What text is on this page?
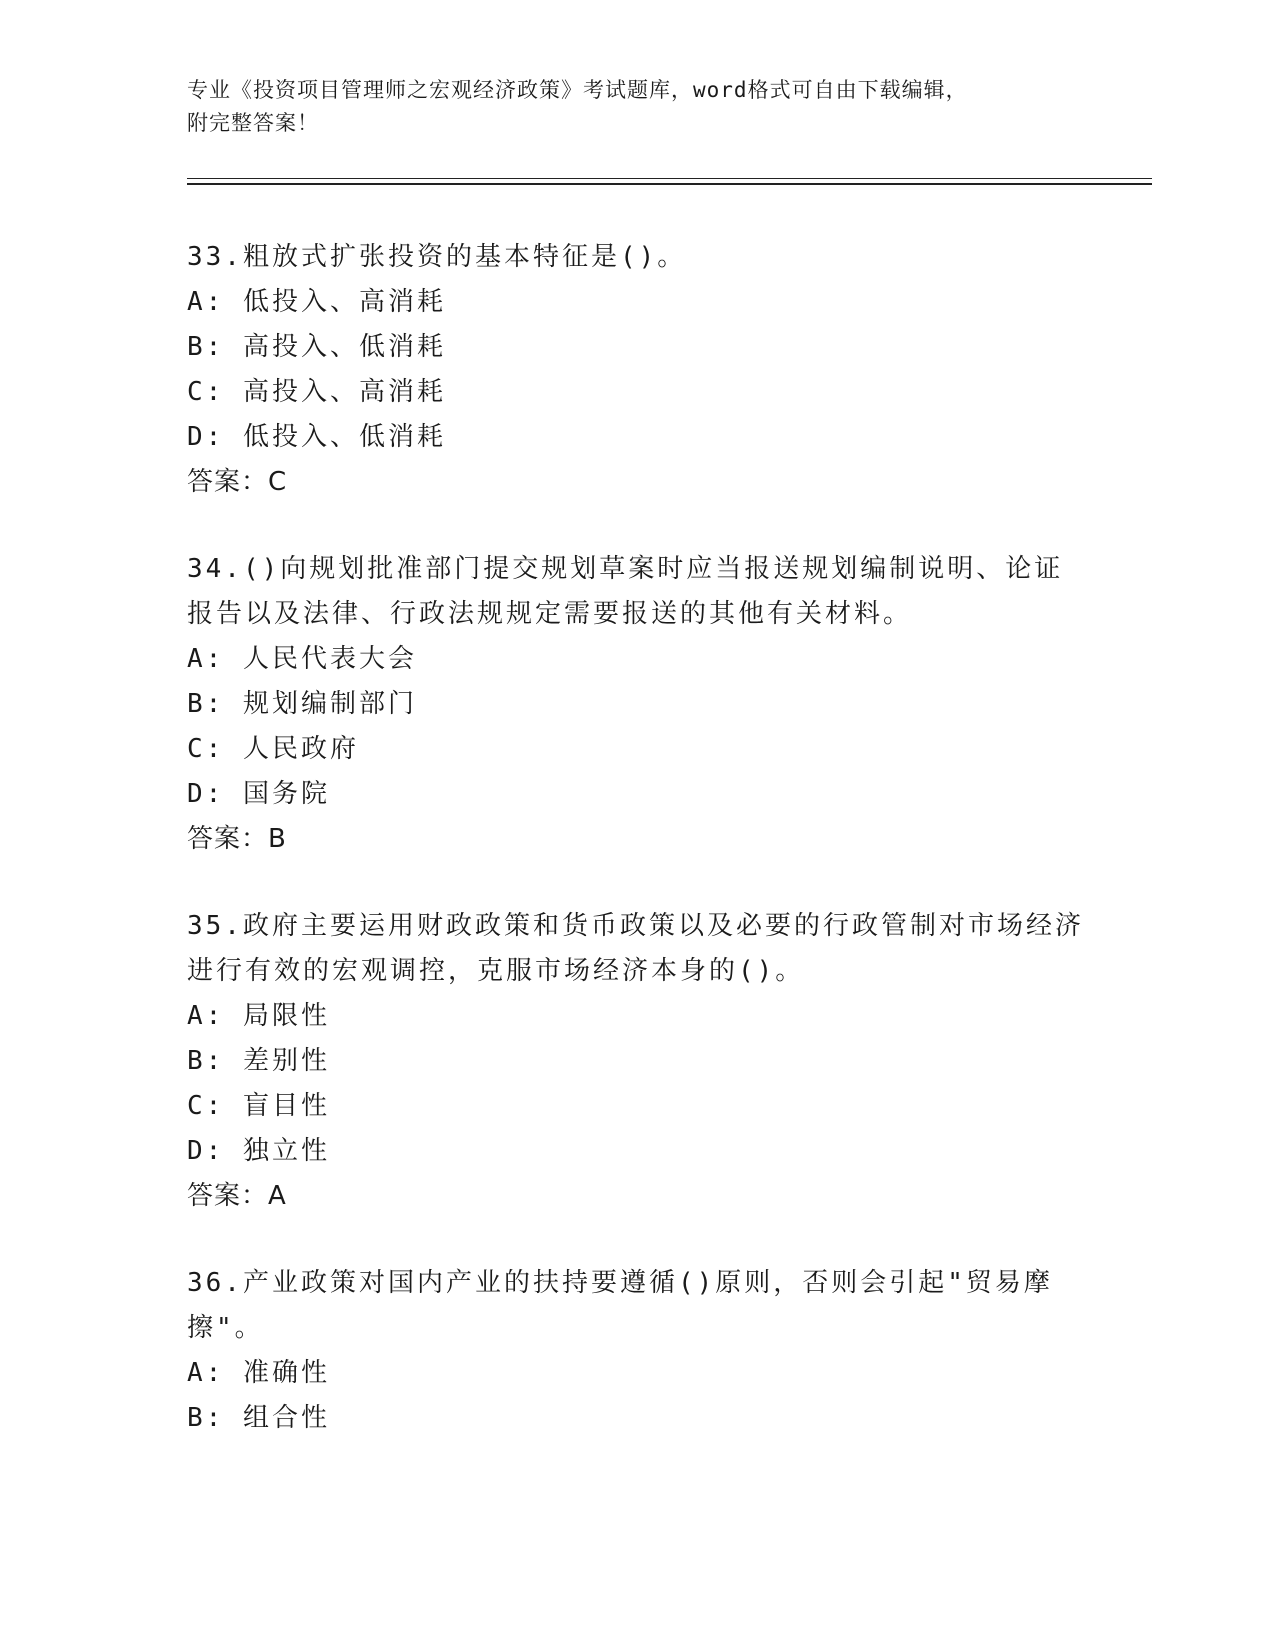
专业《投资项目管理师之宏观经济政策》考试题库，word格式可自由下载编辑，
附完整答案！

33.粗放式扩张投资的基本特征是()。

A: 低投入、高消耗

B: 高投入、低消耗

C: 高投入、高消耗

D: 低投入、低消耗

答案：C

34.()向规划批准部门提交规划草案时应当报送规划编制说明、论证报告以及法律、行政法规规定需要报送的其他有关材料。

A: 人民代表大会

B: 规划编制部门

C: 人民政府

D: 国务院

答案：B

35.政府主要运用财政政策和货币政策以及必要的行政管制对市场经济进行有效的宏观调控，克服市场经济本身的()。

A: 局限性

B: 差别性

C: 盲目性

D: 独立性

答案：A

36.产业政策对国内产业的扶持要遵循()原则，否则会引起"贸易摩擦"。

A: 准确性

B: 组合性
